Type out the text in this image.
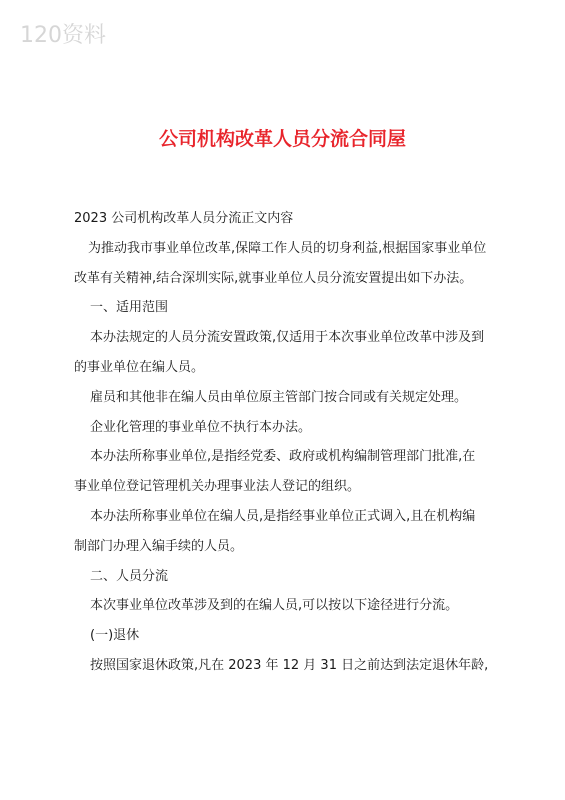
120资料
公司机构改革人员分流合同屋
2023 公司机构改革人员分流正文内容
为推动我市事业单位改革,保障工作人员的切身利益,根据国家事业单位
改革有关精神,结合深圳实际,就事业单位人员分流安置提出如下办法。
一、适用范围
本办法规定的人员分流安置政策,仅适用于本次事业单位改革中涉及到
的事业单位在编人员。
雇员和其他非在编人员由单位原主管部门按合同或有关规定处理。
企业化管理的事业单位不执行本办法。
本办法所称事业单位,是指经党委、政府或机构编制管理部门批准,在
事业单位登记管理机关办理事业法人登记的组织。
本办法所称事业单位在编人员,是指经事业单位正式调入,且在机构编
制部门办理入编手续的人员。
二、人员分流
本次事业单位改革涉及到的在编人员,可以按以下途径进行分流。
(一)退休
按照国家退休政策,凡在 2023 年 12 月 31 日之前达到法定退休年龄,
